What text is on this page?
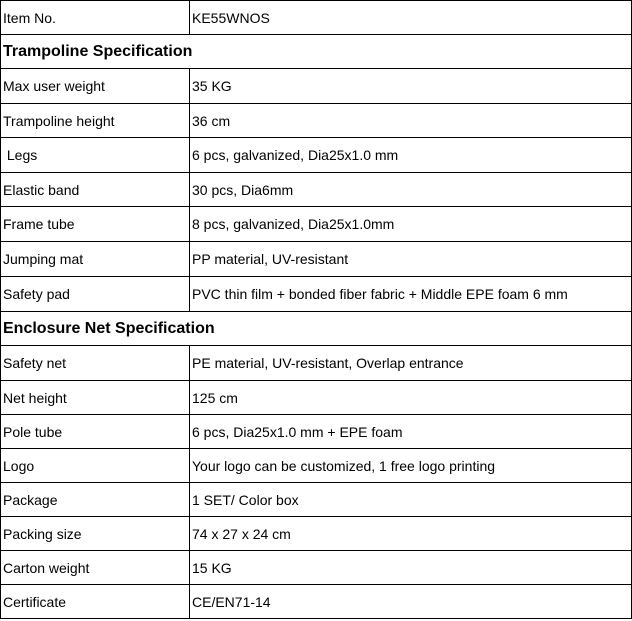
Item No.	KE55WNOS
Trampoline Specification	
Max user weight	35 KG
Trampoline height	36 cm
Legs	6 pcs, galvanized, Dia25x1.0 mm
Elastic band	30 pcs, Dia6mm
Frame tube	8 pcs, galvanized, Dia25x1.0mm
Jumping mat	PP material, UV-resistant
Safety pad	PVC thin film + bonded fiber fabric + Middle EPE foam 6 mm
Enclosure Net Specification	
Safety net	PE material, UV-resistant, Overlap entrance
Net height	125 cm
Pole tube	6 pcs, Dia25x1.0 mm + EPE foam
Logo	Your logo can be customized, 1 free logo printing
Package	1 SET/ Color box
Packing size	74 x 27 x 24 cm
Carton weight	15 KG
Certificate	CE/EN71-14
